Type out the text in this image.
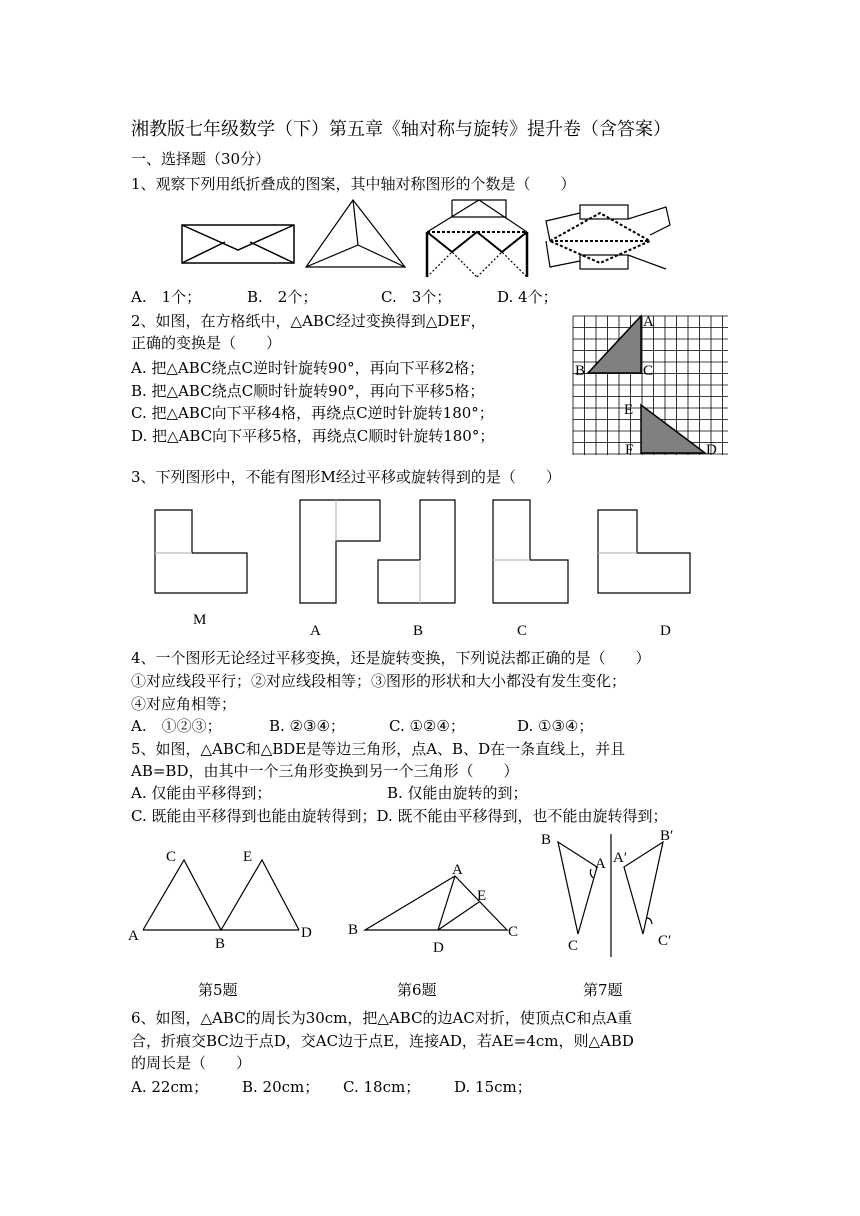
湘教版七年级数学（下）第五章《轴对称与旋转》提升卷（含答案）
一、选择题（30分）
1、观察下列用纸折叠成的图案，其中轴对称图形的个数是（　　）
A.　1个；	B.　2个；	C.　3个；	D. 4个；
2、如图，在方格纸中，△ABC经过变换得到△DEF，
正确的变换是（　　）
A. 把△ABC绕点C逆时针旋转90°，再向下平移2格；
B. 把△ABC绕点C顺时针旋转90°，再向下平移5格；
C. 把△ABC向下平移4格，再绕点C逆时针旋转180°；
D. 把△ABC向下平移5格，再绕点C顺时针旋转180°；
A
B	C
D
E
F
3、下列图形中，不能有图形M经过平移或旋转得到的是（　　）
M
A	B	C	D
4、一个图形无论经过平移变换，还是旋转变换，下列说法都正确的是（　　）
①对应线段平行；②对应线段相等；③图形的形状和大小都没有发生变化；
④对应角相等；
A.　①②③；	B. ②③④；	C. ①②④；	D. ①③④；
5、如图，△ABC和△BDE是等边三角形，点A、B、D在一条直线上，并且
AB=BD，由其中一个三角形变换到另一个三角形（　　）
A. 仅能由平移得到；	B. 仅能由旋转的到；
C. 既能由平移得到也能由旋转得到；D. 既不能由平移得到，也不能由旋转得到；
C	E
A	B
D B
A
E
C
D
B
A
C
B′
A′
C′
第5题	第6题	第7题
6、如图，△ABC的周长为30cm，把△ABC的边AC对折，使顶点C和点A重
合，折痕交BC边于点D，交AC边于点E，连接AD，若AE=4cm，则△ABD
的周长是（　　）
A. 22cm； B. 20cm； C. 18cm； D. 15cm；
